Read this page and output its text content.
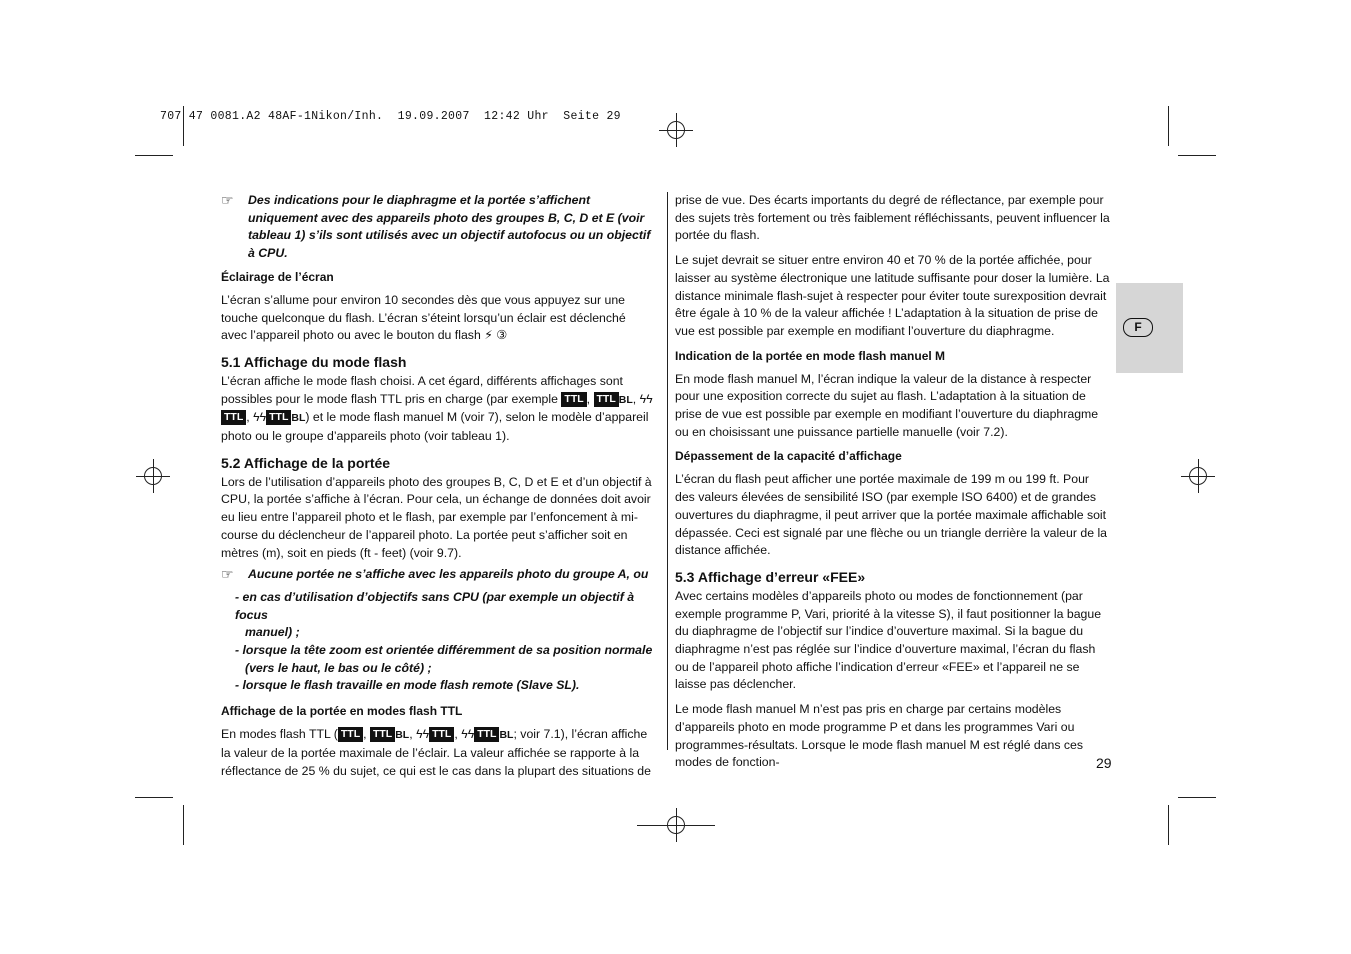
707 47 0081.A2 48AF-1Nikon/Inh.  19.09.2007  12:42 Uhr  Seite 29
☞	Des indications pour le diaphragme et la portée s’affichent uniquement avec des appareils photo des groupes B, C, D et E (voir tableau 1) s’ils sont utilisés avec un objectif autofocus ou un objectif à CPU.
Éclairage de l’écran

L’écran s’allume pour environ 10 secondes dès que vous appuyez sur une touche quelconque du flash. L’écran s’éteint lorsqu’un éclair est déclenché avec l’appareil photo ou avec le bouton du flash ⚡ ③

5.1 Affichage du mode flash

L’écran affiche le mode flash choisi. A cet égard, différents affichages sont possibles pour le mode flash TTL pris en charge (par exemple TTL , TTL BL, ϟϟTTL , ϟϟ TTL BL) et le mode flash manuel M (voir 7), selon le modèle d’appareil photo ou le groupe d’appareils photo (voir tableau 1).

5.2 Affichage de la portée

Lors de l’utilisation d’appareils photo des groupes B, C, D et E et d’un objectif à CPU, la portée s’affiche à l’écran. Pour cela, un échange de données doit avoir eu lieu entre l’appareil photo et le flash, par exemple par l’enfoncement à mi-course du déclencheur de l’appareil photo. La portée peut s’afficher soit en mètres (m), soit en pieds (ft - feet) (voir 9.7).

☞	Aucune portée ne s’affiche avec les appareils photo du groupe A, ou
- en cas d’utilisation d’objectifs sans CPU (par exemple un objectif à focus
manuel) ;
- lorsque la tête zoom est orientée différemment de sa position normale
(vers le haut, le bas ou le côté) ;
- lorsque le flash travaille en mode flash remote (Slave SL).
Affichage de la portée en modes flash TTL

En modes flash TTL ( TTL , TTL BL, ϟϟ TTL , ϟϟ TTL BL; voir 7.1), l’écran affiche la valeur de la portée maximale de l’éclair. La valeur affichée se rapporte à la réflectance de 25 % du sujet, ce qui est le cas dans la plupart des situations de

prise de vue. Des écarts importants du degré de réflectance, par exemple pour des sujets très fortement ou très faiblement réfléchissants, peuvent influencer la portée du flash.

Le sujet devrait se situer entre environ 40 et 70 % de la portée affichée, pour laisser au système électronique une latitude suffisante pour doser la lumière. La distance minimale flash-sujet à respecter pour éviter toute surexposition devrait être égale à 10 % de la valeur affichée ! L’adaptation à la situation de prise de vue est possible par exemple en modifiant l’ouverture du diaphragme.

Indication de la portée en mode flash manuel M

En mode flash manuel M, l’écran indique la valeur de la distance à respecter pour une exposition correcte du sujet au flash. L’adaptation à la situation de prise de vue est possible par exemple en modifiant l’ouverture du diaphragme ou en choisissant une puissance partielle manuelle (voir 7.2).

Dépassement de la capacité d’affichage

L’écran du flash peut afficher une portée maximale de 199 m ou 199 ft. Pour des valeurs élevées de sensibilité ISO (par exemple ISO 6400) et de grandes ouvertures du diaphragme, il peut arriver que la portée maximale affichable soit dépassée. Ceci est signalé par une flèche ou un triangle derrière la valeur de la distance affichée.

5.3 Affichage d’erreur «FEE»

Avec certains modèles d’appareils photo ou modes de fonctionnement (par exemple programme P, Vari, priorité à la vitesse S), il faut positionner la bague du diaphragme de l’objectif sur l’indice d’ouverture maximal. Si la bague du diaphragme n’est pas réglée sur l’indice d’ouverture maximal, l’écran du flash ou de l’appareil photo affiche l’indication d’erreur «FEE» et l’appareil ne se laisse pas déclencher.

Le mode flash manuel M n’est pas pris en charge par certains modèles d’appareils photo en mode programme P et dans les programmes Vari ou programmes-résultats. Lorsque le mode flash manuel M est réglé dans ces modes de fonction-

F
29
